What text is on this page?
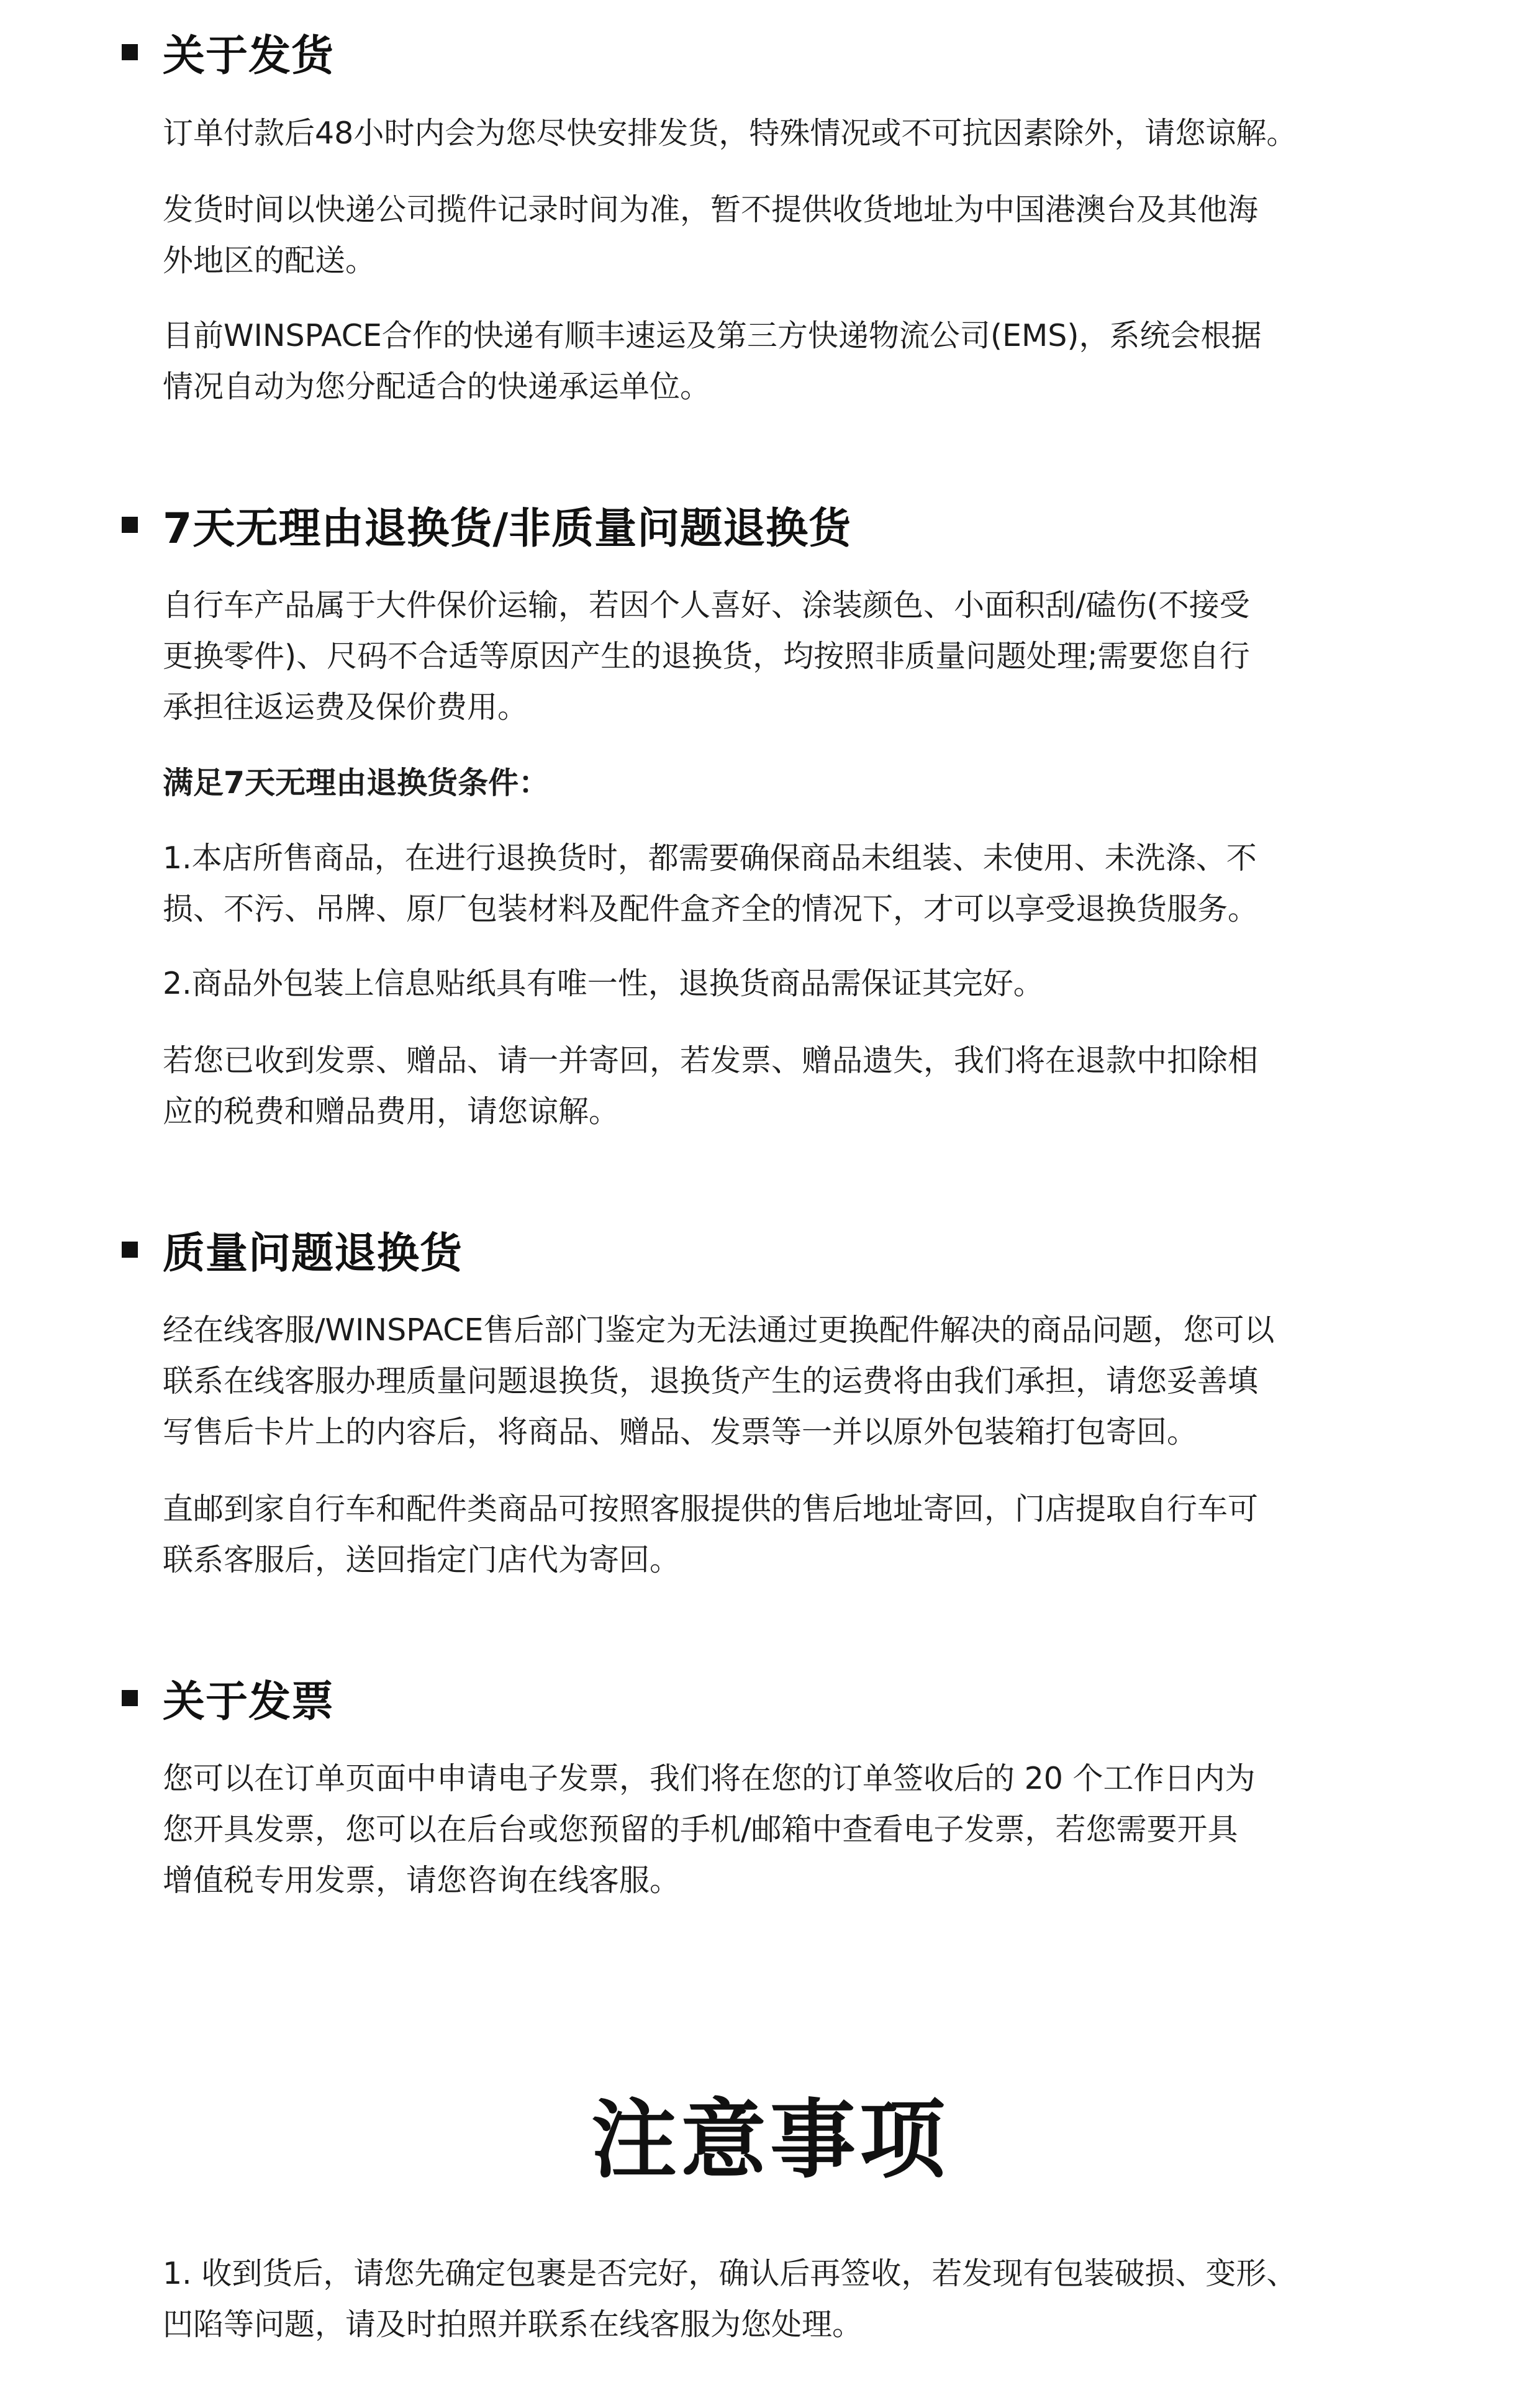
关于发货

订单付款后48小时内会为您尽快安排发货，特殊情况或不可抗因素除外，请您谅解。

发货时间以快递公司揽件记录时间为准，暂不提供收货地址为中国港澳台及其他海
外地区的配送。

目前WINSPACE合作的快递有顺丰速运及第三方快递物流公司(EMS)，系统会根据
情况自动为您分配适合的快递承运单位。

7天无理由退换货/非质量问题退换货

自行车产品属于大件保价运输，若因个人喜好、涂装颜色、小面积刮/磕伤(不接受
更换零件)、尺码不合适等原因产生的退换货，均按照非质量问题处理;需要您自行
承担往返运费及保价费用。

满足7天无理由退换货条件：

1.本店所售商品，在进行退换货时，都需要确保商品未组装、未使用、未洗涤、不
损、不污、吊牌、原厂包装材料及配件盒齐全的情况下，才可以享受退换货服务。

2.商品外包装上信息贴纸具有唯一性，退换货商品需保证其完好。

若您已收到发票、赠品、请一并寄回，若发票、赠品遗失，我们将在退款中扣除相
应的税费和赠品费用，请您谅解。

质量问题退换货

经在线客服/WINSPACE售后部门鉴定为无法通过更换配件解决的商品问题，您可以
联系在线客服办理质量问题退换货，退换货产生的运费将由我们承担，请您妥善填
写售后卡片上的内容后，将商品、赠品、发票等一并以原外包装箱打包寄回。

直邮到家自行车和配件类商品可按照客服提供的售后地址寄回，门店提取自行车可
联系客服后，送回指定门店代为寄回。

关于发票

您可以在订单页面中申请电子发票，我们将在您的订单签收后的 20 个工作日内为
您开具发票，您可以在后台或您预留的手机/邮箱中查看电子发票，若您需要开具
增值税专用发票，请您咨询在线客服。

注意事项

1. 收到货后，请您先确定包裹是否完好，确认后再签收，若发现有包装破损、变形、
凹陷等问题，请及时拍照并联系在线客服为您处理。
